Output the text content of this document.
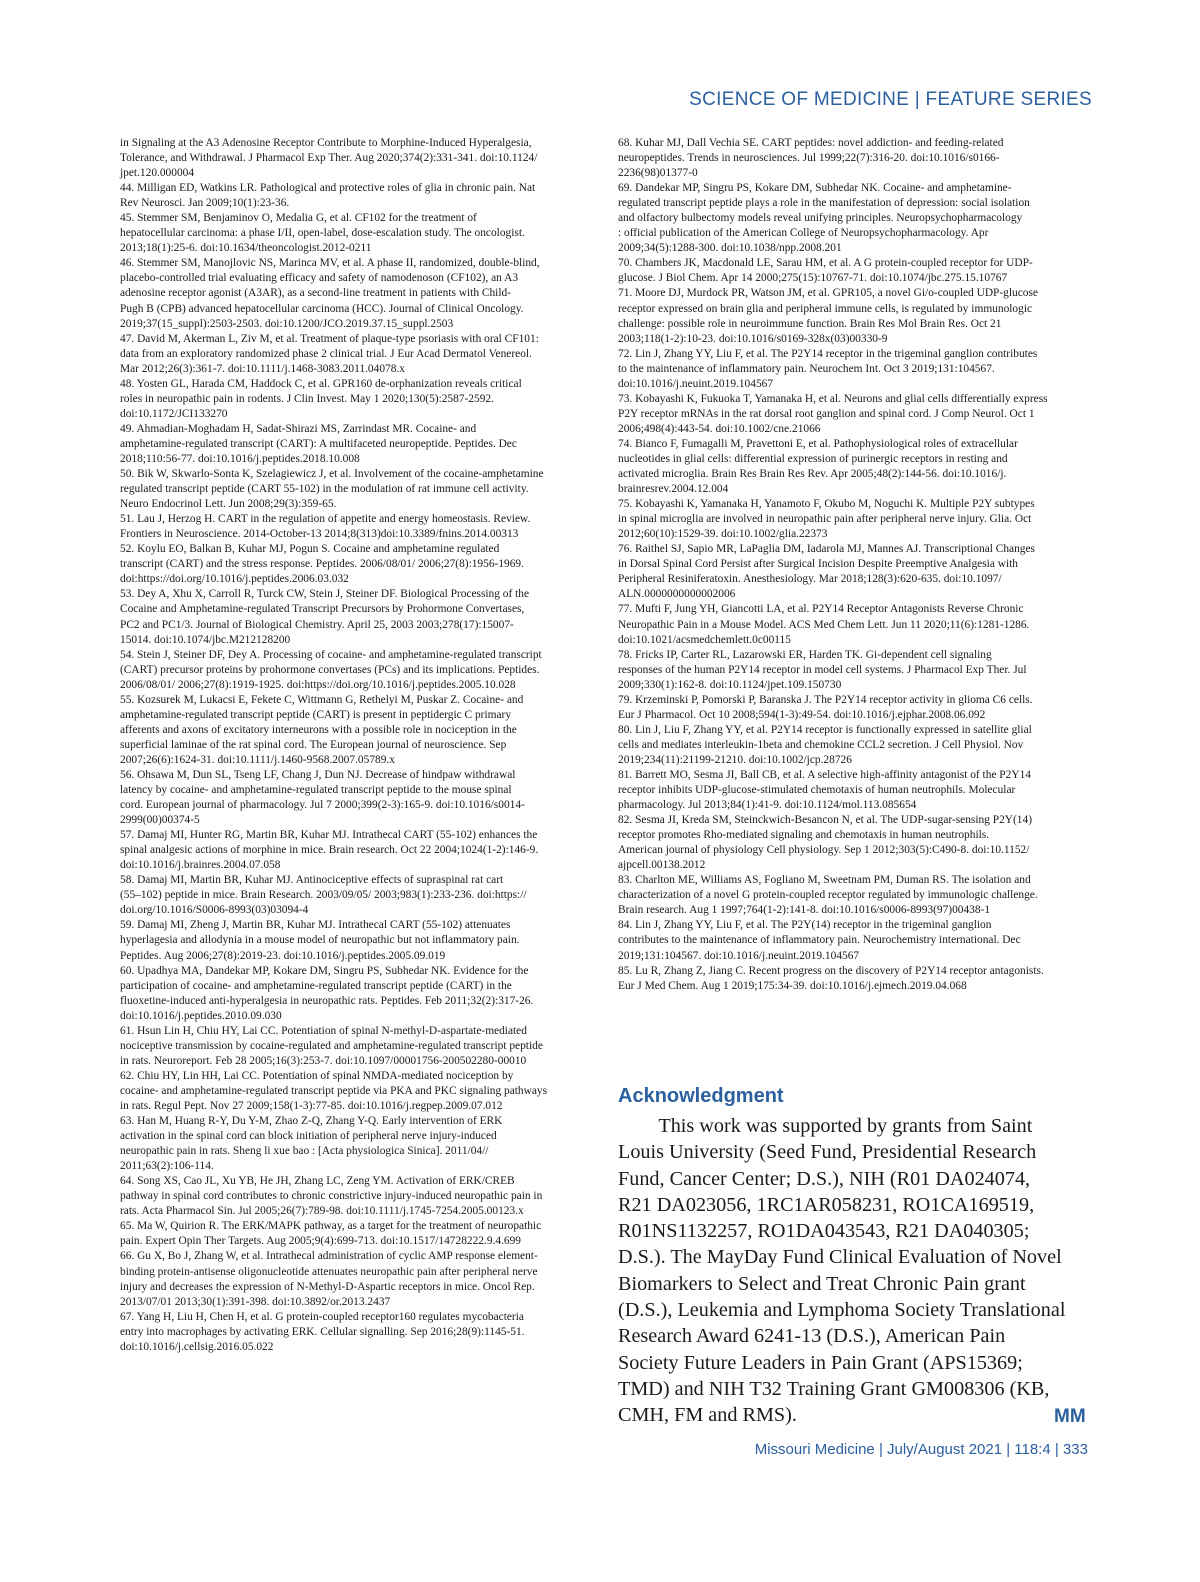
SCIENCE OF MEDICINE | FEATURE SERIES

in Signaling at the A3 Adenosine Receptor Contribute to Morphine-Induced Hyperalgesia,
Tolerance, and Withdrawal. J Pharmacol Exp Ther. Aug 2020;374(2):331-341. doi:10.1124/
jpet.120.000004

44. Milligan ED, Watkins LR. Pathological and protective roles of glia in chronic pain. Nat
Rev Neurosci. Jan 2009;10(1):23-36.

45. Stemmer SM, Benjaminov O, Medalia G, et al. CF102 for the treatment of
hepatocellular carcinoma: a phase I/II, open-label, dose-escalation study. The oncologist.
2013;18(1):25-6. doi:10.1634/theoncologist.2012-0211

46. Stemmer SM, Manojlovic NS, Marinca MV, et al. A phase II, randomized, double-blind,
placebo-controlled trial evaluating efficacy and safety of namodenoson (CF102), an A3
adenosine receptor agonist (A3AR), as a second-line treatment in patients with Child-
Pugh B (CPB) advanced hepatocellular carcinoma (HCC). Journal of Clinical Oncology.
2019;37(15_suppl):2503-2503. doi:10.1200/JCO.2019.37.15_suppl.2503

47. David M, Akerman L, Ziv M, et al. Treatment of plaque-type psoriasis with oral CF101:
data from an exploratory randomized phase 2 clinical trial. J Eur Acad Dermatol Venereol.
Mar 2012;26(3):361-7. doi:10.1111/j.1468-3083.2011.04078.x

48. Yosten GL, Harada CM, Haddock C, et al. GPR160 de-orphanization reveals critical
roles in neuropathic pain in rodents. J Clin Invest. May 1 2020;130(5):2587-2592.
doi:10.1172/JCI133270

49. Ahmadian-Moghadam H, Sadat-Shirazi MS, Zarrindast MR. Cocaine- and
amphetamine-regulated transcript (CART): A multifaceted neuropeptide. Peptides. Dec
2018;110:56-77. doi:10.1016/j.peptides.2018.10.008

50. Bik W, Skwarlo-Sonta K, Szelagiewicz J, et al. Involvement of the cocaine-amphetamine
regulated transcript peptide (CART 55-102) in the modulation of rat immune cell activity.
Neuro Endocrinol Lett. Jun 2008;29(3):359-65.

51. Lau J, Herzog H. CART in the regulation of appetite and energy homeostasis. Review.
Frontiers in Neuroscience. 2014-October-13 2014;8(313)doi:10.3389/fnins.2014.00313

52. Koylu EO, Balkan B, Kuhar MJ, Pogun S. Cocaine and amphetamine regulated
transcript (CART) and the stress response. Peptides. 2006/08/01/ 2006;27(8):1956-1969.
doi:https://doi.org/10.1016/j.peptides.2006.03.032

53. Dey A, Xhu X, Carroll R, Turck CW, Stein J, Steiner DF. Biological Processing of the
Cocaine and Amphetamine-regulated Transcript Precursors by Prohormone Convertases,
PC2 and PC1/3. Journal of Biological Chemistry. April 25, 2003 2003;278(17):15007-
15014. doi:10.1074/jbc.M212128200

54. Stein J, Steiner DF, Dey A. Processing of cocaine- and amphetamine-regulated transcript
(CART) precursor proteins by prohormone convertases (PCs) and its implications. Peptides.
2006/08/01/ 2006;27(8):1919-1925. doi:https://doi.org/10.1016/j.peptides.2005.10.028

55. Kozsurek M, Lukacsi E, Fekete C, Wittmann G, Rethelyi M, Puskar Z. Cocaine- and
amphetamine-regulated transcript peptide (CART) is present in peptidergic C primary
afferents and axons of excitatory interneurons with a possible role in nociception in the
superficial laminae of the rat spinal cord. The European journal of neuroscience. Sep
2007;26(6):1624-31. doi:10.1111/j.1460-9568.2007.05789.x

56. Ohsawa M, Dun SL, Tseng LF, Chang J, Dun NJ. Decrease of hindpaw withdrawal
latency by cocaine- and amphetamine-regulated transcript peptide to the mouse spinal
cord. European journal of pharmacology. Jul 7 2000;399(2-3):165-9. doi:10.1016/s0014-
2999(00)00374-5

57. Damaj MI, Hunter RG, Martin BR, Kuhar MJ. Intrathecal CART (55-102) enhances the
spinal analgesic actions of morphine in mice. Brain research. Oct 22 2004;1024(1-2):146-9.
doi:10.1016/j.brainres.2004.07.058

58. Damaj MI, Martin BR, Kuhar MJ. Antinociceptive effects of supraspinal rat cart
(55–102) peptide in mice. Brain Research. 2003/09/05/ 2003;983(1):233-236. doi:https://
doi.org/10.1016/S0006-8993(03)03094-4

59. Damaj MI, Zheng J, Martin BR, Kuhar MJ. Intrathecal CART (55-102) attenuates
hyperlagesia and allodynia in a mouse model of neuropathic but not inflammatory pain.
Peptides. Aug 2006;27(8):2019-23. doi:10.1016/j.peptides.2005.09.019

60. Upadhya MA, Dandekar MP, Kokare DM, Singru PS, Subhedar NK. Evidence for the
participation of cocaine- and amphetamine-regulated transcript peptide (CART) in the
fluoxetine-induced anti-hyperalgesia in neuropathic rats. Peptides. Feb 2011;32(2):317-26.
doi:10.1016/j.peptides.2010.09.030

61. Hsun Lin H, Chiu HY, Lai CC. Potentiation of spinal N-methyl-D-aspartate-mediated
nociceptive transmission by cocaine-regulated and amphetamine-regulated transcript peptide
in rats. Neuroreport. Feb 28 2005;16(3):253-7. doi:10.1097/00001756-200502280-00010

62. Chiu HY, Lin HH, Lai CC. Potentiation of spinal NMDA-mediated nociception by
cocaine- and amphetamine-regulated transcript peptide via PKA and PKC signaling pathways
in rats. Regul Pept. Nov 27 2009;158(1-3):77-85. doi:10.1016/j.regpep.2009.07.012

63. Han M, Huang R-Y, Du Y-M, Zhao Z-Q, Zhang Y-Q. Early intervention of ERK
activation in the spinal cord can block initiation of peripheral nerve injury-induced
neuropathic pain in rats. Sheng li xue bao : [Acta physiologica Sinica]. 2011/04//
2011;63(2):106-114.

64. Song XS, Cao JL, Xu YB, He JH, Zhang LC, Zeng YM. Activation of ERK/CREB
pathway in spinal cord contributes to chronic constrictive injury-induced neuropathic pain in
rats. Acta Pharmacol Sin. Jul 2005;26(7):789-98. doi:10.1111/j.1745-7254.2005.00123.x

65. Ma W, Quirion R. The ERK/MAPK pathway, as a target for the treatment of neuropathic
pain. Expert Opin Ther Targets. Aug 2005;9(4):699-713. doi:10.1517/14728222.9.4.699

66. Gu X, Bo J, Zhang W, et al. Intrathecal administration of cyclic AMP response element-
binding protein-antisense oligonucleotide attenuates neuropathic pain after peripheral nerve
injury and decreases the expression of N-Methyl-D-Aspartic receptors in mice. Oncol Rep.
2013/07/01 2013;30(1):391-398. doi:10.3892/or.2013.2437

67. Yang H, Liu H, Chen H, et al. G protein-coupled receptor160 regulates mycobacteria
entry into macrophages by activating ERK. Cellular signalling. Sep 2016;28(9):1145-51.
doi:10.1016/j.cellsig.2016.05.022

68. Kuhar MJ, Dall Vechia SE. CART peptides: novel addiction- and feeding-related
neuropeptides. Trends in neurosciences. Jul 1999;22(7):316-20. doi:10.1016/s0166-
2236(98)01377-0

69. Dandekar MP, Singru PS, Kokare DM, Subhedar NK. Cocaine- and amphetamine-
regulated transcript peptide plays a role in the manifestation of depression: social isolation
and olfactory bulbectomy models reveal unifying principles. Neuropsychopharmacology
: official publication of the American College of Neuropsychopharmacology. Apr
2009;34(5):1288-300. doi:10.1038/npp.2008.201

70. Chambers JK, Macdonald LE, Sarau HM, et al. A G protein-coupled receptor for UDP-
glucose. J Biol Chem. Apr 14 2000;275(15):10767-71. doi:10.1074/jbc.275.15.10767

71. Moore DJ, Murdock PR, Watson JM, et al. GPR105, a novel Gi/o-coupled UDP-glucose
receptor expressed on brain glia and peripheral immune cells, is regulated by immunologic
challenge: possible role in neuroimmune function. Brain Res Mol Brain Res. Oct 21
2003;118(1-2):10-23. doi:10.1016/s0169-328x(03)00330-9

72. Lin J, Zhang YY, Liu F, et al. The P2Y14 receptor in the trigeminal ganglion contributes
to the maintenance of inflammatory pain. Neurochem Int. Oct 3 2019;131:104567.
doi:10.1016/j.neuint.2019.104567

73. Kobayashi K, Fukuoka T, Yamanaka H, et al. Neurons and glial cells differentially express
P2Y receptor mRNAs in the rat dorsal root ganglion and spinal cord. J Comp Neurol. Oct 1
2006;498(4):443-54. doi:10.1002/cne.21066

74. Bianco F, Fumagalli M, Pravettoni E, et al. Pathophysiological roles of extracellular
nucleotides in glial cells: differential expression of purinergic receptors in resting and
activated microglia. Brain Res Brain Res Rev. Apr 2005;48(2):144-56. doi:10.1016/j.
brainresrev.2004.12.004

75. Kobayashi K, Yamanaka H, Yanamoto F, Okubo M, Noguchi K. Multiple P2Y subtypes
in spinal microglia are involved in neuropathic pain after peripheral nerve injury. Glia. Oct
2012;60(10):1529-39. doi:10.1002/glia.22373

76. Raithel SJ, Sapio MR, LaPaglia DM, Iadarola MJ, Mannes AJ. Transcriptional Changes
in Dorsal Spinal Cord Persist after Surgical Incision Despite Preemptive Analgesia with
Peripheral Resiniferatoxin. Anesthesiology. Mar 2018;128(3):620-635. doi:10.1097/
ALN.0000000000002006

77. Mufti F, Jung YH, Giancotti LA, et al. P2Y14 Receptor Antagonists Reverse Chronic
Neuropathic Pain in a Mouse Model. ACS Med Chem Lett. Jun 11 2020;11(6):1281-1286.
doi:10.1021/acsmedchemlett.0c00115

78. Fricks IP, Carter RL, Lazarowski ER, Harden TK. Gi-dependent cell signaling
responses of the human P2Y14 receptor in model cell systems. J Pharmacol Exp Ther. Jul
2009;330(1):162-8. doi:10.1124/jpet.109.150730

79. Krzeminski P, Pomorski P, Baranska J. The P2Y14 receptor activity in glioma C6 cells.
Eur J Pharmacol. Oct 10 2008;594(1-3):49-54. doi:10.1016/j.ejphar.2008.06.092

80. Lin J, Liu F, Zhang YY, et al. P2Y14 receptor is functionally expressed in satellite glial
cells and mediates interleukin-1beta and chemokine CCL2 secretion. J Cell Physiol. Nov
2019;234(11):21199-21210. doi:10.1002/jcp.28726

81. Barrett MO, Sesma JI, Ball CB, et al. A selective high-affinity antagonist of the P2Y14
receptor inhibits UDP-glucose-stimulated chemotaxis of human neutrophils. Molecular
pharmacology. Jul 2013;84(1):41-9. doi:10.1124/mol.113.085654

82. Sesma JI, Kreda SM, Steinckwich-Besancon N, et al. The UDP-sugar-sensing P2Y(14)
receptor promotes Rho-mediated signaling and chemotaxis in human neutrophils.
American journal of physiology Cell physiology. Sep 1 2012;303(5):C490-8. doi:10.1152/
ajpcell.00138.2012

83. Charlton ME, Williams AS, Fogliano M, Sweetnam PM, Duman RS. The isolation and
characterization of a novel G protein-coupled receptor regulated by immunologic challenge.
Brain research. Aug 1 1997;764(1-2):141-8. doi:10.1016/s0006-8993(97)00438-1

84. Lin J, Zhang YY, Liu F, et al. The P2Y(14) receptor in the trigeminal ganglion
contributes to the maintenance of inflammatory pain. Neurochemistry international. Dec
2019;131:104567. doi:10.1016/j.neuint.2019.104567

85. Lu R, Zhang Z, Jiang C. Recent progress on the discovery of P2Y14 receptor antagonists.
Eur J Med Chem. Aug 1 2019;175:34-39. doi:10.1016/j.ejmech.2019.04.068

Acknowledgment
  This work was supported by grants from Saint
Louis University (Seed Fund, Presidential Research
Fund, Cancer Center; D.S.), NIH (R01 DA024074,
R21 DA023056, 1RC1AR058231, RO1CA169519,
R01NS1132257, RO1DA043543, R21 DA040305;
D.S.). The MayDay Fund Clinical Evaluation of Novel
Biomarkers to Select and Treat Chronic Pain grant
(D.S.), Leukemia and Lymphoma Society Translational
Research Award 6241-13 (D.S.), American Pain
Society Future Leaders in Pain Grant (APS15369;
TMD) and NIH T32 Training Grant GM008306 (KB,
CMH, FM and RMS).	MM
Missouri Medicine | July/August 2021 | 118:4 | 333
